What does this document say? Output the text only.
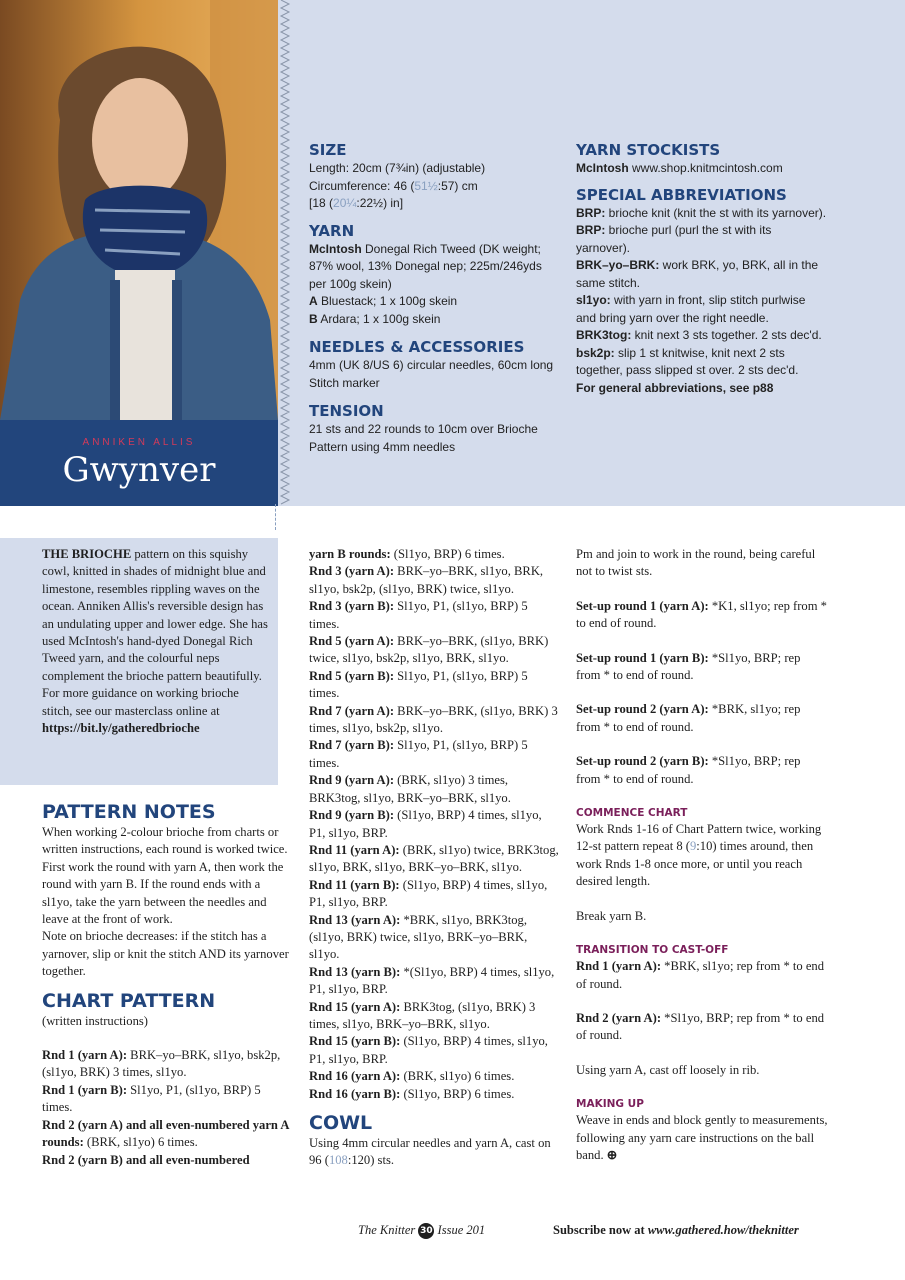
ANNIKEN ALLIS
Gwynver
SIZE
Length: 20cm (7¾in) (adjustable)
Circumference: 46 (51½:57) cm
[18 (20¼:22½) in]
YARN
McIntosh Donegal Rich Tweed (DK weight; 87% wool, 13% Donegal nep; 225m/246yds per 100g skein)
A Bluestack; 1 x 100g skein
B Ardara; 1 x 100g skein
NEEDLES & ACCESSORIES
4mm (UK 8/US 6) circular needles, 60cm long
Stitch marker
TENSION
21 sts and 22 rounds to 10cm over Brioche Pattern using 4mm needles
YARN STOCKISTS
McIntosh www.shop.knitmcintosh.com
SPECIAL ABBREVIATIONS
BRP: brioche knit (knit the st with its yarnover).
BRP: brioche purl (purl the st with its yarnover).
BRK–yo–BRK: work BRK, yo, BRK, all in the same stitch.
sl1yo: with yarn in front, slip stitch purlwise and bring yarn over the right needle.
BRK3tog: knit next 3 sts together. 2 sts dec'd.
bsk2p: slip 1 st knitwise, knit next 2 sts together, pass slipped st over. 2 sts dec'd.
For general abbreviations, see p88
THE BRIOCHE pattern on this squishy cowl, knitted in shades of midnight blue and limestone, resembles rippling waves on the ocean. Anniken Allis's reversible design has an undulating upper and lower edge. She has used McIntosh's hand-dyed Donegal Rich Tweed yarn, and the colourful neps complement the brioche pattern beautifully.
For more guidance on working brioche stitch, see our masterclass online at
https://bit.ly/gatheredbrioche
PATTERN NOTES
When working 2-colour brioche from charts or written instructions, each round is worked twice. First work the round with yarn A, then work the round with yarn B. If the round ends with a sl1yo, take the yarn between the needles and leave at the front of work.
Note on brioche decreases: if the stitch has a yarnover, slip or knit the stitch AND its yarnover together.
CHART PATTERN
(written instructions)
Rnd 1 (yarn A): BRK–yo–BRK, sl1yo, bsk2p, (sl1yo, BRK) 3 times, sl1yo.
Rnd 1 (yarn B): Sl1yo, P1, (sl1yo, BRP) 5 times.
Rnd 2 (yarn A) and all even-numbered yarn A rounds: (BRK, sl1yo) 6 times.
Rnd 2 (yarn B) and all even-numbered
yarn B rounds: (Sl1yo, BRP) 6 times.
Rnd 3 (yarn A): BRK–yo–BRK, sl1yo, BRK, sl1yo, bsk2p, (sl1yo, BRK) twice, sl1yo.
Rnd 3 (yarn B): Sl1yo, P1, (sl1yo, BRP) 5 times.
Rnd 5 (yarn A): BRK–yo–BRK, (sl1yo, BRK) twice, sl1yo, bsk2p, sl1yo, BRK, sl1yo.
Rnd 5 (yarn B): Sl1yo, P1, (sl1yo, BRP) 5 times.
Rnd 7 (yarn A): BRK–yo–BRK, (sl1yo, BRK) 3 times, sl1yo, bsk2p, sl1yo.
Rnd 7 (yarn B): Sl1yo, P1, (sl1yo, BRP) 5 times.
Rnd 9 (yarn A): (BRK, sl1yo) 3 times, BRK3tog, sl1yo, BRK–yo–BRK, sl1yo.
Rnd 9 (yarn B): (Sl1yo, BRP) 4 times, sl1yo, P1, sl1yo, BRP.
Rnd 11 (yarn A): (BRK, sl1yo) twice, BRK3tog, sl1yo, BRK, sl1yo, BRK–yo–BRK, sl1yo.
Rnd 11 (yarn B): (Sl1yo, BRP) 4 times, sl1yo, P1, sl1yo, BRP.
Rnd 13 (yarn A): *BRK, sl1yo, BRK3tog, (sl1yo, BRK) twice, sl1yo, BRK–yo–BRK, sl1yo.
Rnd 13 (yarn B): *(Sl1yo, BRP) 4 times, sl1yo, P1, sl1yo, BRP.
Rnd 15 (yarn A): BRK3tog, (sl1yo, BRK) 3 times, sl1yo, BRK–yo–BRK, sl1yo.
Rnd 15 (yarn B): (Sl1yo, BRP) 4 times, sl1yo, P1, sl1yo, BRP.
Rnd 16 (yarn A): (BRK, sl1yo) 6 times.
Rnd 16 (yarn B): (Sl1yo, BRP) 6 times.
COWL
Using 4mm circular needles and yarn A, cast on 96 (108:120) sts.
Pm and join to work in the round, being careful not to twist sts.
Set-up round 1 (yarn A): *K1, sl1yo; rep from * to end of round.
Set-up round 1 (yarn B): *Sl1yo, BRP; rep from * to end of round.
Set-up round 2 (yarn A): *BRK, sl1yo; rep from * to end of round.
Set-up round 2 (yarn B): *Sl1yo, BRP; rep from * to end of round.
COMMENCE CHART
Work Rnds 1-16 of Chart Pattern twice, working 12-st pattern repeat 8 (9:10) times around, then work Rnds 1-8 once more, or until you reach desired length.
Break yarn B.
TRANSITION TO CAST-OFF
Rnd 1 (yarn A): *BRK, sl1yo; rep from * to end of round.
Rnd 2 (yarn A): *Sl1yo, BRP; rep from * to end of round.
Using yarn A, cast off loosely in rib.
MAKING UP
Weave in ends and block gently to measurements, following any yarn care instructions on the ball band. ⊕
The Knitter 30 Issue 201	Subscribe now at www.gathered.how/theknitter
